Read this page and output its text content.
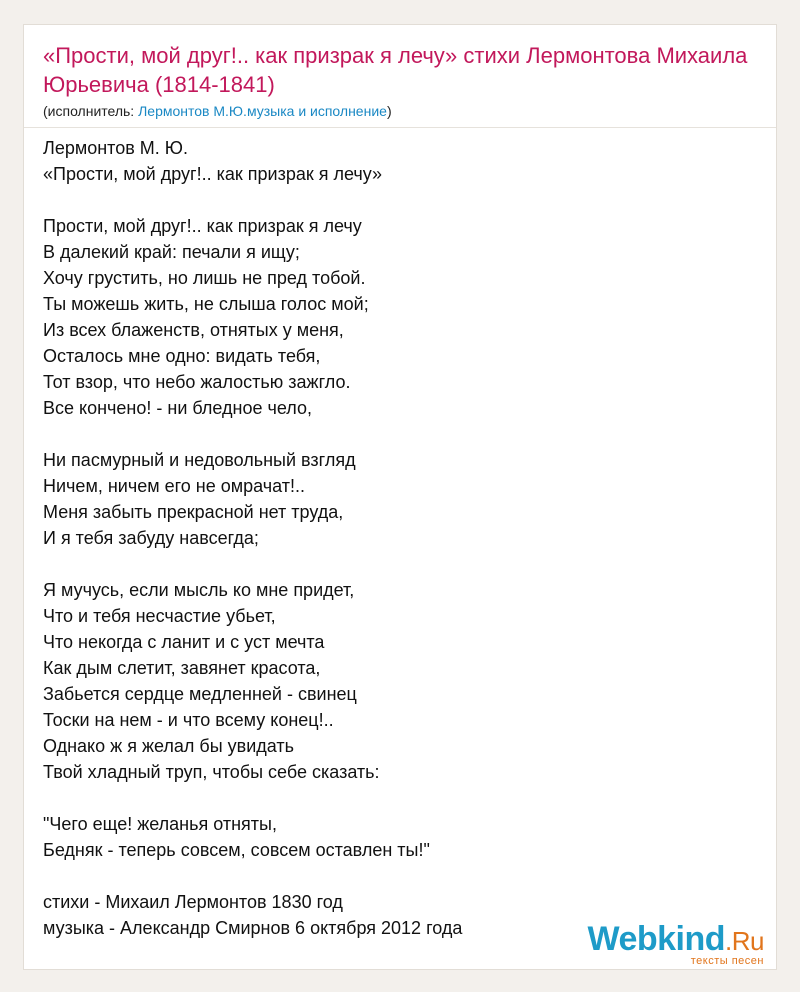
«Прости, мой друг!.. как призрак я лечу» стихи Лермонтова Михаила Юрьевича (1814-1841)
(исполнитель: Лермонтов М.Ю.музыка и исполнение)
Лермонтов М. Ю.
«Прости, мой друг!.. как призрак я лечу»
Прости, мой друг!.. как призрак я лечу
В далекий край: печали я ищу;
Хочу грустить, но лишь не пред тобой.
Ты можешь жить, не слыша голос мой;
Из всех блаженств, отнятых у меня,
Осталось мне одно: видать тебя,
Тот взор, что небо жалостью зажгло.
Все кончено! - ни бледное чело,
Ни пасмурный и недовольный взгляд
Ничем, ничем его не омрачат!..
Меня забыть прекрасной нет труда,
И я тебя забуду навсегда;
Я мучусь, если мысль ко мне придет,
Что и тебя несчастие убьет,
Что некогда с ланит и с уст мечта
Как дым слетит, завянет красота,
Забьется сердце медленней - свинец
Тоски на нем - и что всему конец!..
Однако ж я желал бы увидать
Твой хладный труп, чтобы себе сказать:
"Чего еще! желанья отняты,
Бедняк - теперь совсем, совсем оставлен ты!"
стихи - Михаил Лермонтов 1830 год
музыка - Александр Смирнов 6 октября 2012 года	Webkind.Ru
тексты песен
